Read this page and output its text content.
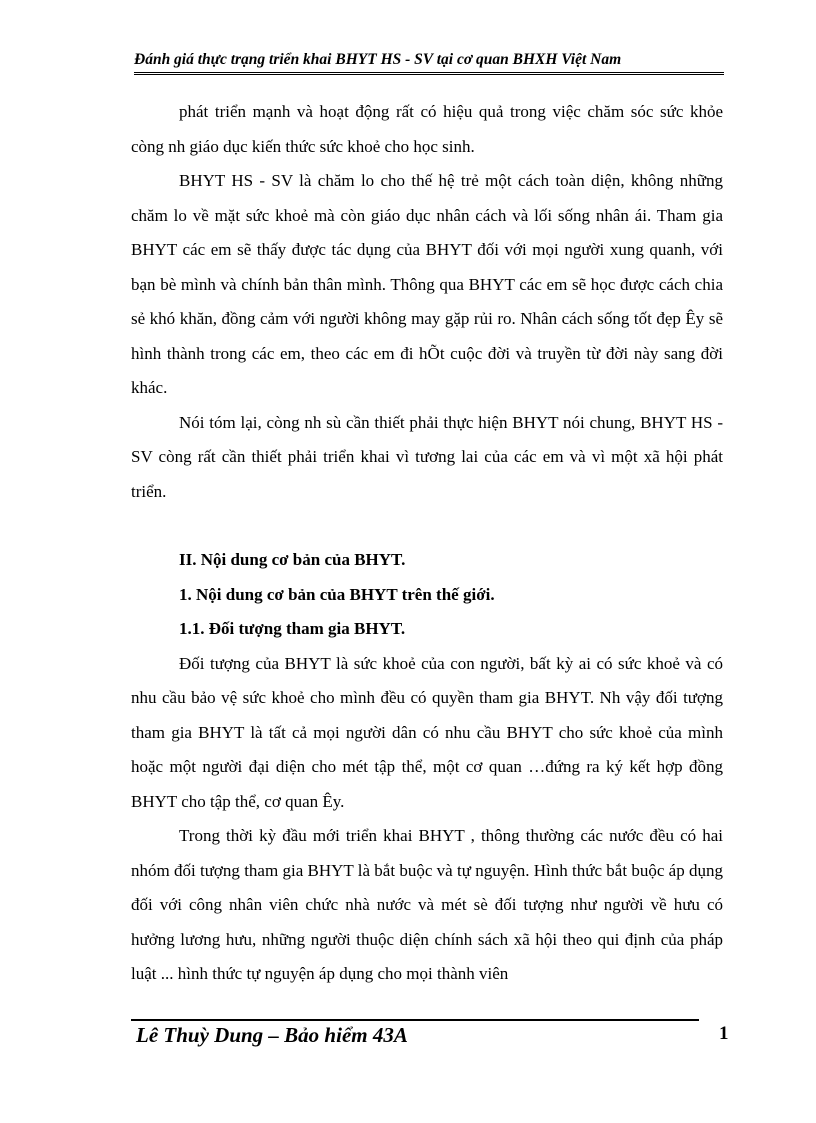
Đánh giá thực trạng triển khai BHYT HS - SV tại cơ quan BHXH Việt Nam

phát triển mạnh và hoạt động rất có hiệu quả trong việc chăm sóc sức khỏe còng nh giáo dục kiến thức sức khoẻ cho học sinh.

BHYT HS - SV là chăm lo cho thế hệ trẻ một cách toàn diện, không những chăm lo về mặt sức khoẻ mà còn giáo dục nhân cách và lối sống nhân ái. Tham gia BHYT các em sẽ thấy được tác dụng của BHYT đối với mọi người xung quanh, với bạn bè mình và chính bản thân mình. Thông qua BHYT các em sẽ học được cách chia sẻ khó khăn, đồng cảm với người không may gặp rủi ro. Nhân cách sống tốt đẹp Êy sẽ hình thành trong các em, theo các em đi hÕt cuộc đời và truyền từ đời này sang đời khác.

Nói tóm lại, còng nh sù cần thiết phải thực hiện BHYT nói chung, BHYT HS - SV còng rất cần thiết phải triển khai vì tương lai của các em và vì một xã hội phát triển.

II. Nội dung cơ bản của BHYT.

1. Nội dung cơ bản của BHYT trên thế giới.

1.1. Đối tượng tham gia BHYT.

Đối tượng của BHYT là sức khoẻ của con người, bất kỳ ai có sức khoẻ và có nhu cầu bảo vệ sức khoẻ cho mình đều có quyền tham gia BHYT. Nh vậy đối tượng tham gia BHYT là tất cả mọi người dân có nhu cầu BHYT cho sức khoẻ của mình hoặc một người đại diện cho mét tập thể, một cơ quan …đứng ra ký kết hợp đồng BHYT cho tập thể, cơ quan Êy.

Trong thời kỳ đầu mới triển khai BHYT , thông thường các nước đều có hai nhóm đối tượng tham gia BHYT là bắt buộc và tự nguyện. Hình thức bắt buộc áp dụng đối với công nhân viên chức nhà nước và mét sè đối tượng như người về hưu có hưởng lương hưu, những người thuộc diện chính sách xã hội theo qui định của pháp luật ... hình thức tự nguyện áp dụng cho mọi thành viên

Lê Thuỳ Dung – Bảo hiểm 43A	1
